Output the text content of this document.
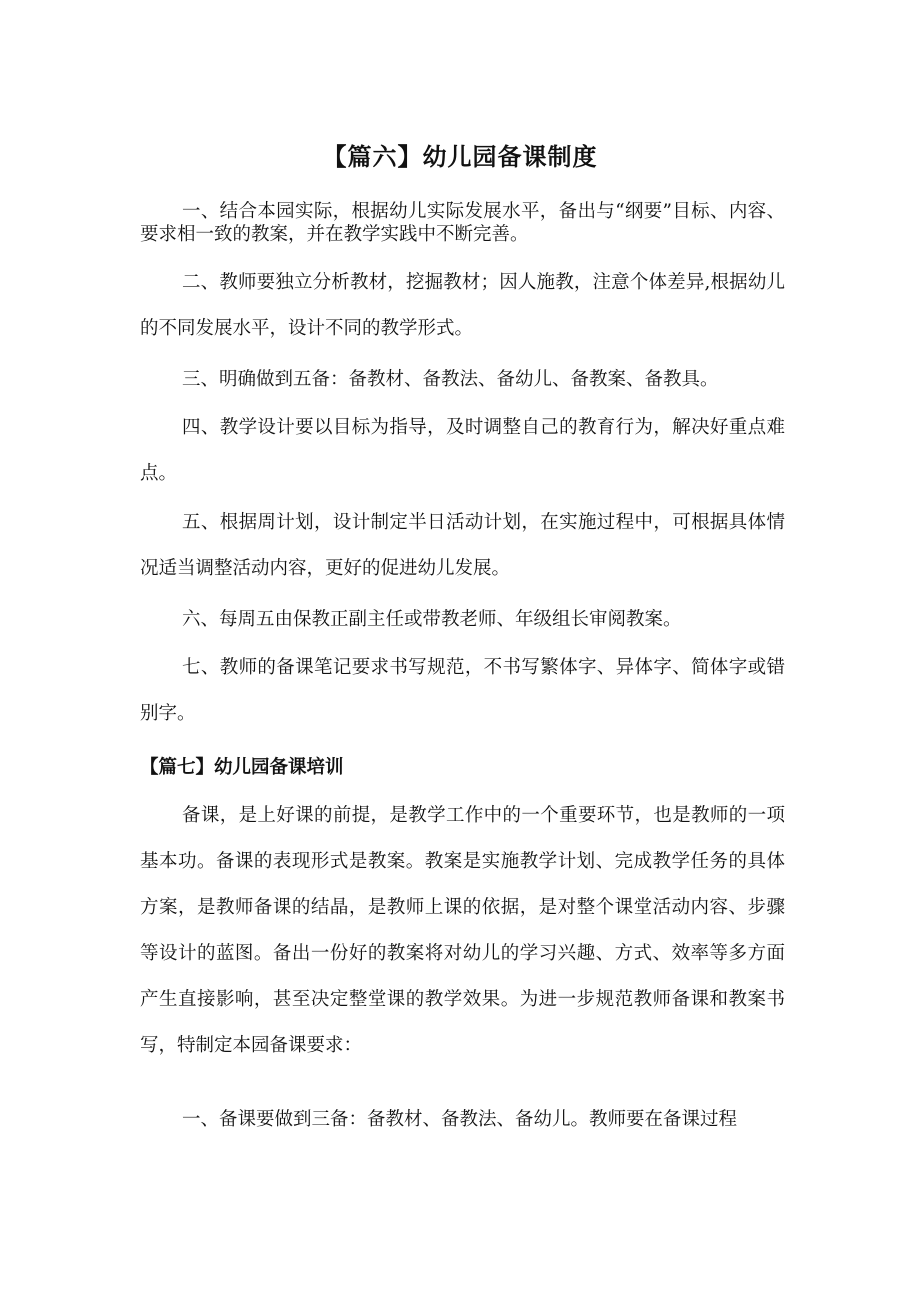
【篇六】幼儿园备课制度

一、结合本园实际，根据幼儿实际发展水平，备出与“纲要”目标、内容、要求相一致的教案，并在教学实践中不断完善。

二、教师要独立分析教材，挖掘教材；因人施教，注意个体差异,根据幼儿的不同发展水平，设计不同的教学形式。

三、明确做到五备：备教材、备教法、备幼儿、备教案、备教具。

四、教学设计要以目标为指导，及时调整自己的教育行为，解决好重点难点。

五、根据周计划，设计制定半日活动计划，在实施过程中，可根据具体情况适当调整活动内容，更好的促进幼儿发展。

六、每周五由保教正副主任或带教老师、年级组长审阅教案。

七、教师的备课笔记要求书写规范，不书写繁体字、异体字、简体字或错别字。

【篇七】幼儿园备课培训

备课，是上好课的前提，是教学工作中的一个重要环节，也是教师的一项基本功。备课的表现形式是教案。教案是实施教学计划、完成教学任务的具体方案，是教师备课的结晶，是教师上课的依据，是对整个课堂活动内容、步骤等设计的蓝图。备出一份好的教案将对幼儿的学习兴趣、方式、效率等多方面产生直接影响，甚至决定整堂课的教学效果。为进一步规范教师备课和教案书写，特制定本园备课要求：

一、备课要做到三备：备教材、备教法、备幼儿。教师要在备课过程
